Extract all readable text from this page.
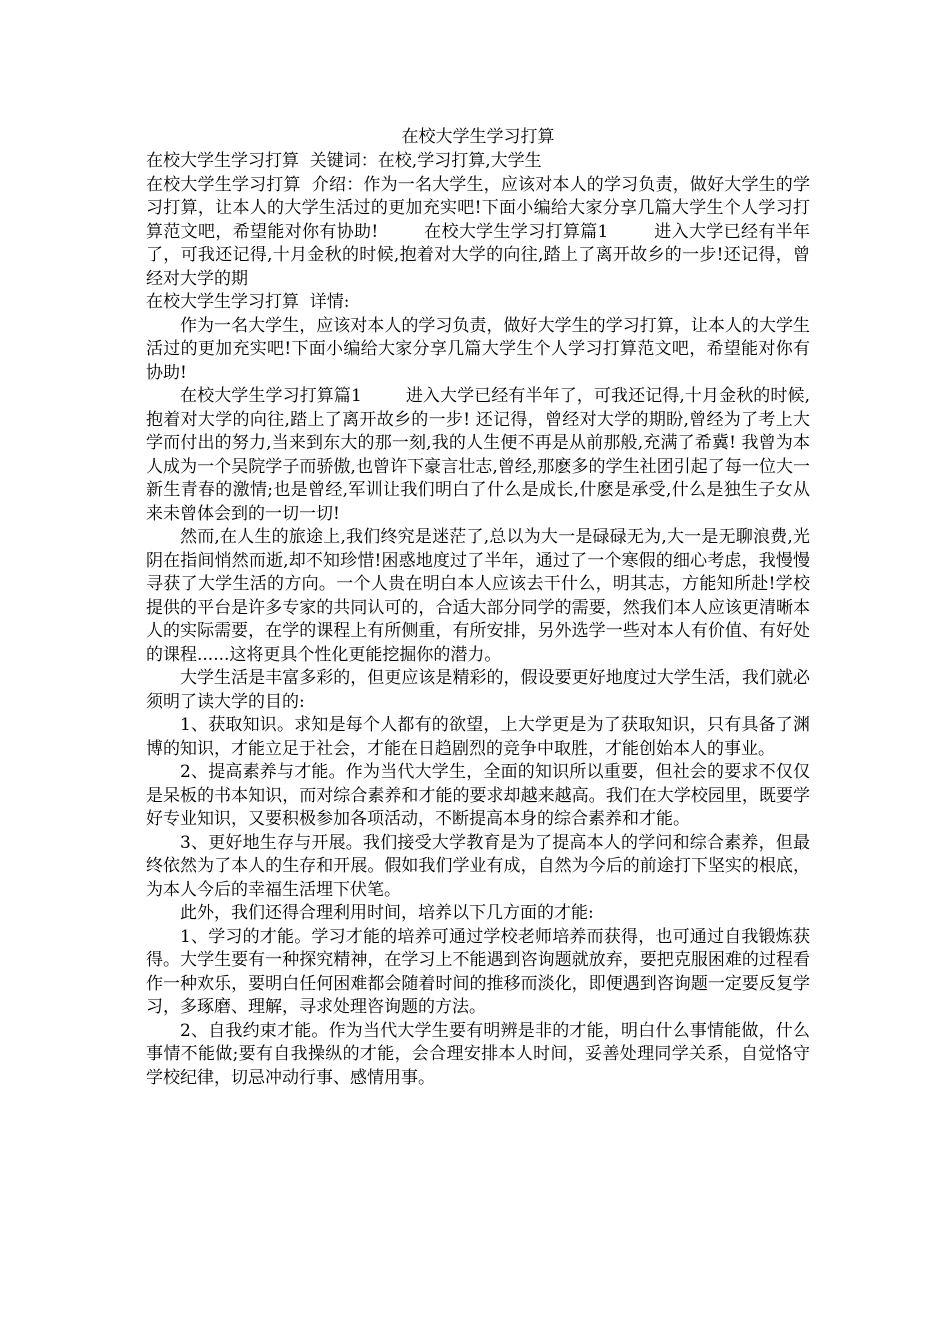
在校大学生学习打算

在校大学生学习打算  关键词：在校,学习打算,大学生

在校大学生学习打算  介绍：作为一名大学生，应该对本人的学习负责，做好大学生的学习打算，让本人的大学生活过的更加充实吧!下面小编给大家分享几篇大学生个人学习打算范文吧，希望能对你有协助!        在校大学生学习打算篇1        进入大学已经有半年了，可我还记得,十月金秋的时候,抱着对大学的向往,踏上了离开故乡的一步!还记得，曾经对大学的期

在校大学生学习打算  详情:

作为一名大学生，应该对本人的学习负责，做好大学生的学习打算，让本人的大学生活过的更加充实吧!下面小编给大家分享几篇大学生个人学习打算范文吧，希望能对你有协助!

在校大学生学习打算篇1        进入大学已经有半年了，可我还记得,十月金秋的时候,抱着对大学的向往,踏上了离开故乡的一步! 还记得，曾经对大学的期盼,曾经为了考上大学而付出的努力,当来到东大的那一刻,我的人生便不再是从前那般,充满了希冀! 我曾为本人成为一个吴院学子而骄傲,也曾许下豪言壮志,曾经,那麽多的学生社团引起了每一位大一新生青春的激情;也是曾经,军训让我们明白了什么是成长,什麽是承受,什么是独生子女从来未曾体会到的一切一切!

然而,在人生的旅途上,我们终究是迷茫了,总以为大一是碌碌无为,大一是无聊浪费,光阴在指间悄然而逝,却不知珍惜!困惑地度过了半年，通过了一个寒假的细心考虑，我慢慢寻获了大学生活的方向。一个人贵在明白本人应该去干什么，明其志，方能知所赴!学校提供的平台是许多专家的共同认可的，合适大部分同学的需要，然我们本人应该更清晰本人的实际需要，在学的课程上有所侧重，有所安排，另外选学一些对本人有价值、有好处的课程......这将更具个性化更能挖掘你的潜力。

大学生活是丰富多彩的，但更应该是精彩的，假设要更好地度过大学生活，我们就必须明了读大学的目的:

1、获取知识。求知是每个人都有的欲望，上大学更是为了获取知识，只有具备了渊博的知识，才能立足于社会，才能在日趋剧烈的竞争中取胜，才能创始本人的事业。

2、提高素养与才能。作为当代大学生，全面的知识所以重要，但社会的要求不仅仅是呆板的书本知识，而对综合素养和才能的要求却越来越高。我们在大学校园里，既要学好专业知识，又要积极参加各项活动，不断提高本身的综合素养和才能。

3、更好地生存与开展。我们接受大学教育是为了提高本人的学问和综合素养，但最终依然为了本人的生存和开展。假如我们学业有成，自然为今后的前途打下坚实的根底，为本人今后的幸福生活埋下伏笔。

此外，我们还得合理利用时间，培养以下几方面的才能:

1、学习的才能。学习才能的培养可通过学校老师培养而获得，也可通过自我锻炼获得。大学生要有一种探究精神，在学习上不能遇到咨询题就放弃，要把克服困难的过程看作一种欢乐，要明白任何困难都会随着时间的推移而淡化，即便遇到咨询题一定要反复学习，多琢磨、理解，寻求处理咨询题的方法。

2、自我约束才能。作为当代大学生要有明辨是非的才能，明白什么事情能做，什么事情不能做;要有自我操纵的才能，会合理安排本人时间，妥善处理同学关系，自觉恪守学校纪律，切忌冲动行事、感情用事。
